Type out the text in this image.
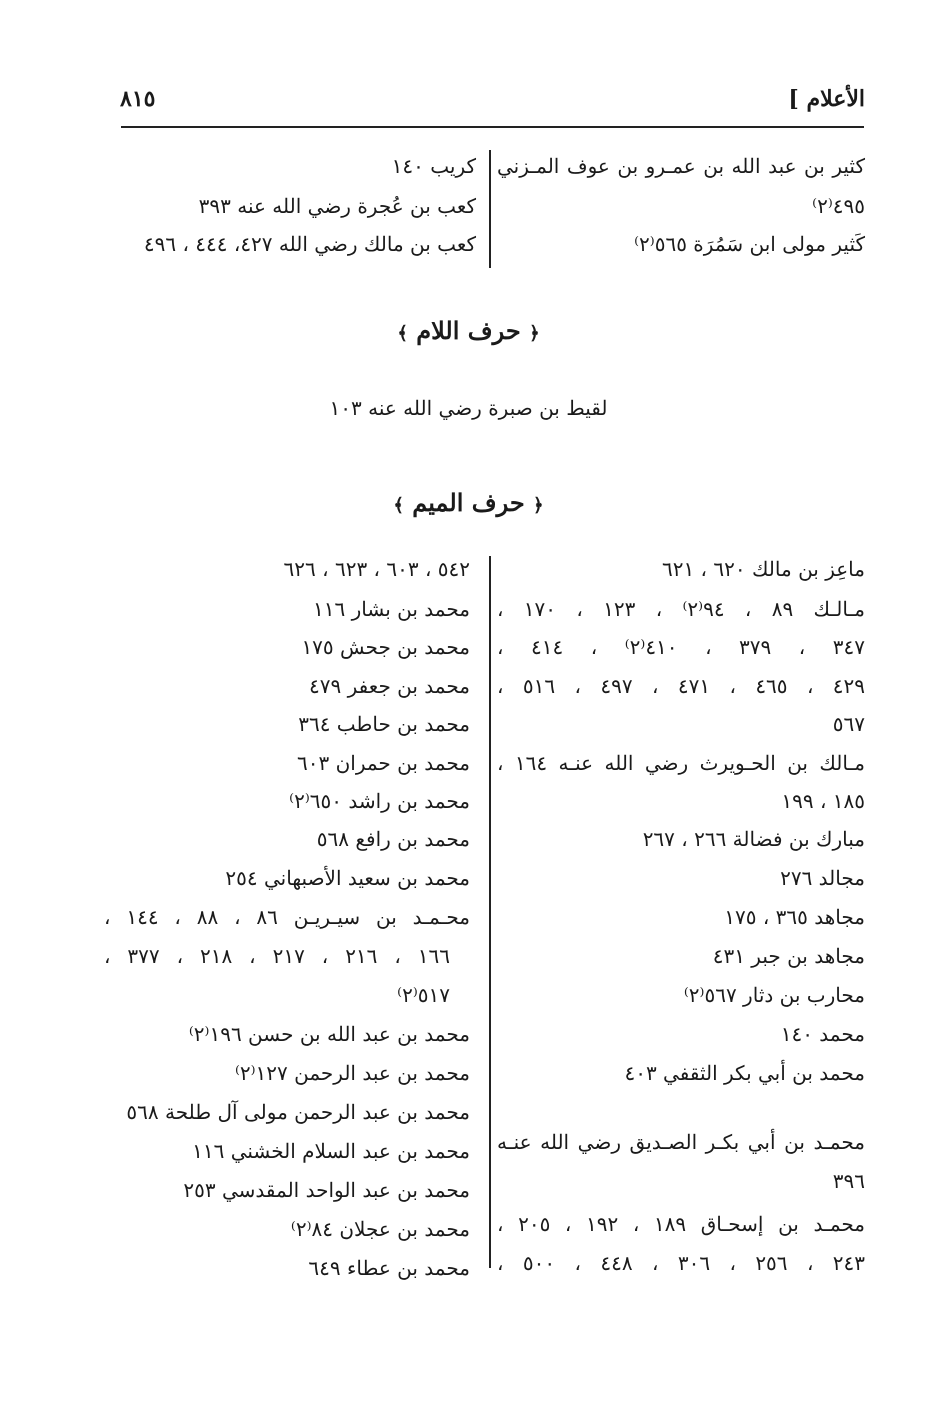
الأعلام ]
٨١٥
كثير بن عبد الله بن عمـرو بن عوف المـزني
٤٩٥⁽٢⁾
كَثير مولى ابن سَمُرَة ٥٦٥⁽٢⁾
كريب ١٤٠
كعب بن عُجرة رضي الله عنه ٣٩٣
كعب بن مالك رضي الله ٤٢٧، ٤٤٤ ، ٤٩٦
﴿ حرف اللام ﴾
لقيط بن صبرة رضي الله عنه ١٠٣
﴿ حرف الميم ﴾
ماعِز بن مالك ٦٢٠ ، ٦٢١
مـالـك ٨٩ ، ٩٤⁽٢⁾ ، ١٢٣ ، ١٧٠ ،
٣٤٧ ، ٣٧٩ ، ٤١٠⁽٢⁾ ، ٤١٤ ،
٤٢٩ ، ٤٦٥ ، ٤٧١ ، ٤٩٧ ، ٥١٦ ،
٥٦٧
مـالك بن الحـويرث رضي الله عنـه ١٦٤ ،
١٨٥ ، ١٩٩
مبارك بن فضالة ٢٦٦ ، ٢٦٧
مجالد ٢٧٦
مجاهد ٣٦٥ ، ١٧٥
مجاهد بن جبر ٤٣١
محارب بن دثار ٥٦٧⁽٢⁾
محمد ١٤٠
محمد بن أبي بكر الثقفي ٤٠٣
محمـد بن أبي بكـر الصـديق رضي الله عنـه
٣٩٦
محمـد بن إسحـاق ١٨٩ ، ١٩٢ ، ٢٠٥ ،
٢٤٣ ، ٢٥٦ ، ٣٠٦ ، ٤٤٨ ، ٥٠٠ ،
٥٤٢ ، ٦٠٣ ، ٦٢٣ ، ٦٢٦
محمد بن بشار ١١٦
محمد بن جحش ١٧٥
محمد بن جعفر ٤٧٩
محمد بن حاطب ٣٦٤
محمد بن حمران ٦٠٣
محمد بن راشد ٦٥٠⁽٢⁾
محمد بن رافع ٥٦٨
محمد بن سعيد الأصبهاني ٢٥٤
محـمـد بن سيـريـن ٨٦ ، ٨٨ ، ١٤٤ ،
١٦٦ ، ٢١٦ ، ٢١٧ ، ٢١٨ ، ٣٧٧ ،
٥١٧⁽٢⁾
محمد بن عبد الله بن حسن ١٩٦⁽٢⁾
محمد بن عبد الرحمن ١٢٧⁽٢⁾
محمد بن عبد الرحمن مولى آل طلحة ٥٦٨
محمد بن عبد السلام الخشني ١١٦
محمد بن عبد الواحد المقدسي ٢٥٣
محمد بن عجلان ٨٤⁽٢⁾
محمد بن عطاء ٦٤٩
